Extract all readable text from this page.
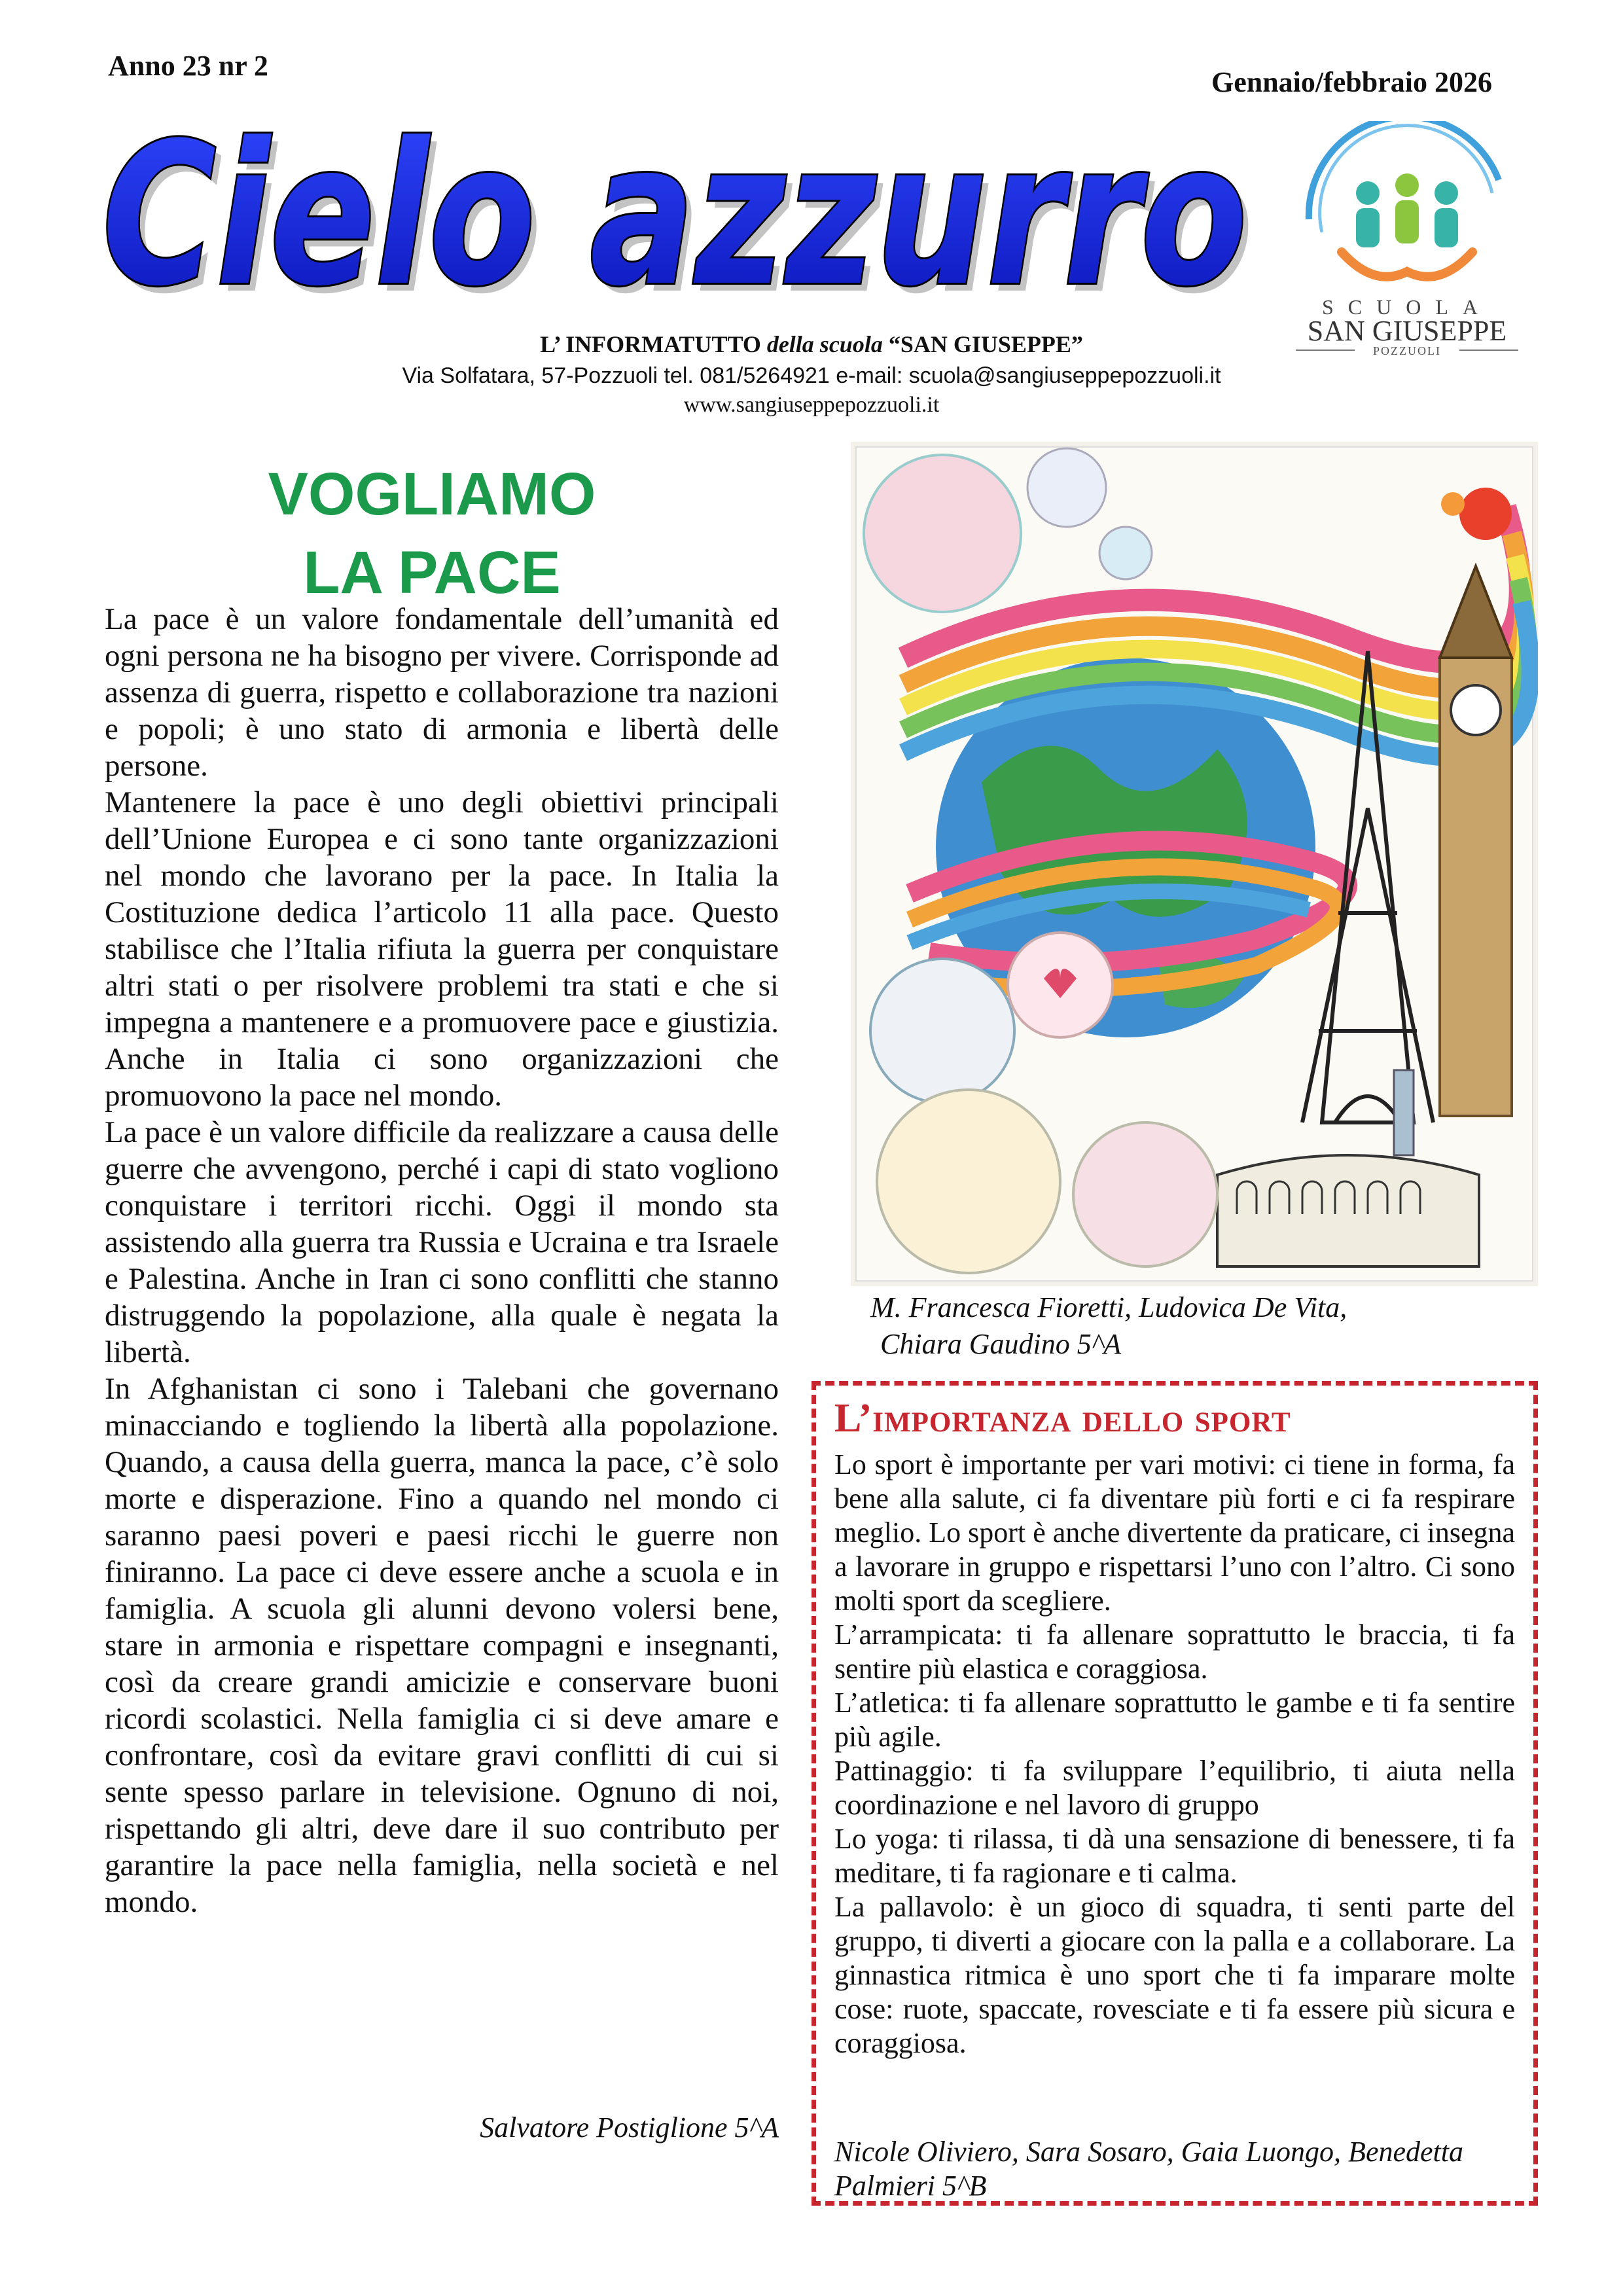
Anno 23 nr 2
Gennaio/febbraio 2026
Cielo azzurro
Cielo azzurro	SCUOLA
SAN GIUSEPPE
POZZUOLI
L’ INFORMATUTTO della scuola “SAN GIUSEPPE”
Via Solfatara, 57-Pozzuoli tel. 081/5264921 e-mail: scuola@sangiuseppepozzuoli.it
www.sangiuseppepozzuoli.it
VOGLIAMO
LA PACE

La pace è un valore fondamentale dell’umanità ed ogni persona ne ha bisogno per vivere. Corrisponde ad assenza di guerra, rispetto e collaborazione tra nazioni e popoli; è uno stato di armonia e libertà delle persone.

Mantenere la pace è uno degli obiettivi principali dell’Unione Europea e ci sono tante organizzazioni nel mondo che lavorano per la pace. In Italia la Costituzione dedica l’articolo 11 alla pace. Questo stabilisce che l’Italia rifiuta la guerra per conquistare altri stati o per risolvere problemi tra stati e che si impegna a mantenere e a promuovere pace e giustizia. Anche in Italia ci sono organizzazioni che promuovono la pace nel mondo.

La pace è un valore difficile da realizzare a causa delle guerre che avvengono, perché i capi di stato vogliono conquistare i territori ricchi. Oggi il mondo sta assistendo alla guerra tra Russia e Ucraina e tra Israele e Palestina. Anche in Iran ci sono conflitti che stanno distruggendo la popolazione, alla quale è negata la libertà.

In Afghanistan ci sono i Talebani che governano minacciando e togliendo la libertà alla popolazione. Quando, a causa della guerra, manca la pace, c’è solo morte e disperazione. Fino a quando nel mondo ci saranno paesi poveri e paesi ricchi le guerre non finiranno. La pace ci deve essere anche a scuola e in famiglia. A scuola gli alunni devono volersi bene, stare in armonia e rispettare compagni e insegnanti, così da creare grandi amicizie e conservare buoni ricordi scolastici. Nella famiglia ci si deve amare e confrontare, così da evitare gravi conflitti di cui si sente spesso parlare in televisione. Ognuno di noi, rispettando gli altri, deve dare il suo contributo per garantire la pace nella famiglia, nella società e nel mondo.

Salvatore Postiglione 5^A
M. Francesca Fioretti, Ludovica De Vita,
Chiara Gaudino 5^A
L’importanza dello sport

Lo sport è importante per vari motivi: ci tiene in forma, fa bene alla salute, ci fa diventare più forti e ci fa respirare meglio. Lo sport è anche divertente da praticare, ci insegna a lavorare in gruppo e rispettarsi l’uno con l’altro. Ci sono molti sport da scegliere.

L’arrampicata: ti fa allenare soprattutto le braccia, ti fa sentire più elastica e coraggiosa.

L’atletica: ti fa allenare soprattutto le gambe e ti fa sentire più agile.

Pattinaggio: ti fa sviluppare l’equilibrio, ti aiuta nella coordinazione e nel lavoro di gruppo

Lo yoga: ti rilassa, ti dà una sensazione di benessere, ti fa meditare, ti fa ragionare e ti calma.

La pallavolo: è un gioco di squadra, ti senti parte del gruppo, ti diverti a giocare con la palla e a collaborare. La ginnastica ritmica è uno sport che ti fa imparare molte cose: ruote, spaccate, rovesciate e ti fa essere più sicura e coraggiosa.

Nicole Oliviero, Sara Sosaro, Gaia Luongo, Benedetta Palmieri 5^B
